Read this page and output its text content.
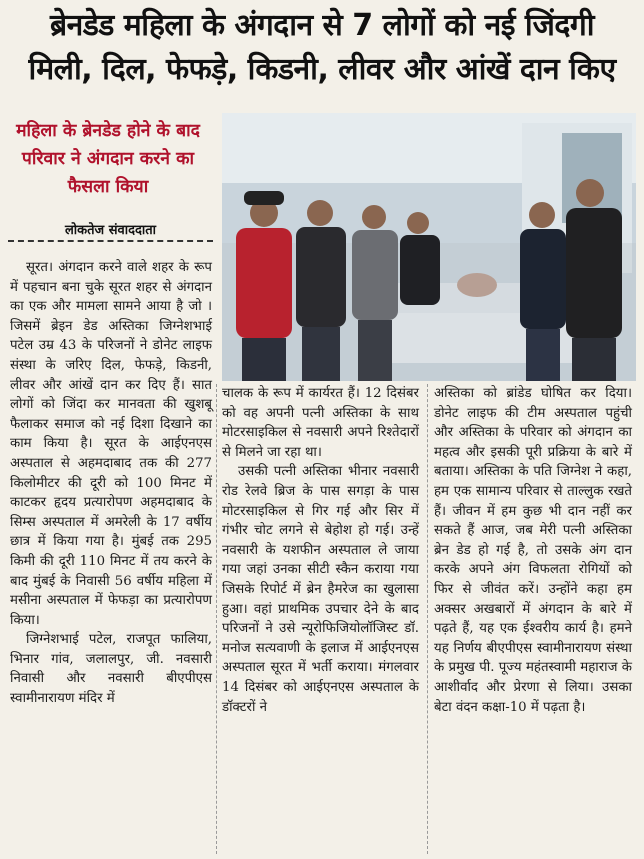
ब्रेनडेड महिला के अंगदान से 7 लोगों को नई जिंदगी
मिली, दिल, फेफड़े, किडनी, लीवर और आंखें दान किए
महिला के ब्रेनडेड होने के बाद परिवार ने अंगदान करने का फैसला किया
लोकतेज संवाददाता

सूरत। अंगदान करने वाले शहर के रूप में पहचान बना चुके सूरत शहर से अंगदान का एक और मामला सामने आया है जो । जिसमें ब्रेइन डेड अस्तिका जिग्नेशभाई पटेल उम्र 43 के परिजनों ने डोनेट लाइफ संस्था के जरिए दिल, फेफड़े, किडनी, लीवर और आंखें दान कर दिए हैं। सात लोगों को जिंदा कर मानवता की खुशबू फैलाकर समाज को नई दिशा दिखाने का काम किया है। सूरत के आईएनएस अस्पताल से अहमदाबाद तक की 277 किलोमीटर की दूरी को 100 मिनट में काटकर हृदय प्रत्यारोपण अहमदाबाद के सिम्स अस्पताल में अमरेली के 17 वर्षीय छात्र में किया गया है। मुंबई तक 295 किमी की दूरी 110 मिनट में तय करने के बाद मुंबई के निवासी 56 वर्षीय महिला में मसीना अस्पताल में फेफड़ा का प्रत्यारोपण किया।

जिग्नेशभाई पटेल, राजपूत फालिया, भिनार गांव, जलालपुर, जी. नवसारी निवासी और नवसारी बीएपीएस स्वामीनारायण मंदिर में

चालक के रूप में कार्यरत हैं। 12 दिसंबर को वह अपनी पत्नी अस्तिका के साथ मोटरसाइकिल से नवसारी अपने रिश्तेदारों से मिलने जा रहा था।

उसकी पत्नी अस्तिका भीनार नवसारी रोड रेलवे ब्रिज के पास सगड़ा के पास मोटरसाइकिल से गिर गई और सिर में गंभीर चोट लगने से बेहोश हो गई। उन्हें नवसारी के यशफीन अस्पताल ले जाया गया जहां उनका सीटी स्कैन कराया गया जिसके रिपोर्ट में ब्रेन हैमरेज का खुलासा हुआ। वहां प्राथमिक उपचार देने के बाद परिजनों ने उसे न्यूरोफिजियोलॉजिस्ट डॉ. मनोज सत्यवाणी के इलाज में आईएनएस अस्पताल सूरत में भर्ती कराया। मंगलवार 14 दिसंबर को आईएनएस अस्पताल के डॉक्टरों ने

अस्तिका को ब्रांडेड घोषित कर दिया। डोनेट लाइफ की टीम अस्पताल पहुंची और अस्तिका के परिवार को अंगदान का महत्व और इसकी पूरी प्रक्रिया के बारे में बताया। अस्तिका के पति जिग्नेश ने कहा, हम एक सामान्य परिवार से ताल्लुक रखते हैं। जीवन में हम कुछ भी दान नहीं कर सकते हैं आज, जब मेरी पत्नी अस्तिका ब्रेन डेड हो गई है, तो उसके अंग दान करके अपने अंग विफलता रोगियों को फिर से जीवंत करें। उन्होंने कहा हम अक्सर अखबारों में अंगदान के बारे में पढ़ते हैं, यह एक ईश्वरीय कार्य है। हमने यह निर्णय बीएपीएस स्वामीनारायण संस्था के प्रमुख पी. पूज्य महंतस्वामी महाराज के आशीर्वाद और प्रेरणा से लिया। उसका बेटा वंदन कक्षा-10 में पढ़ता है।
